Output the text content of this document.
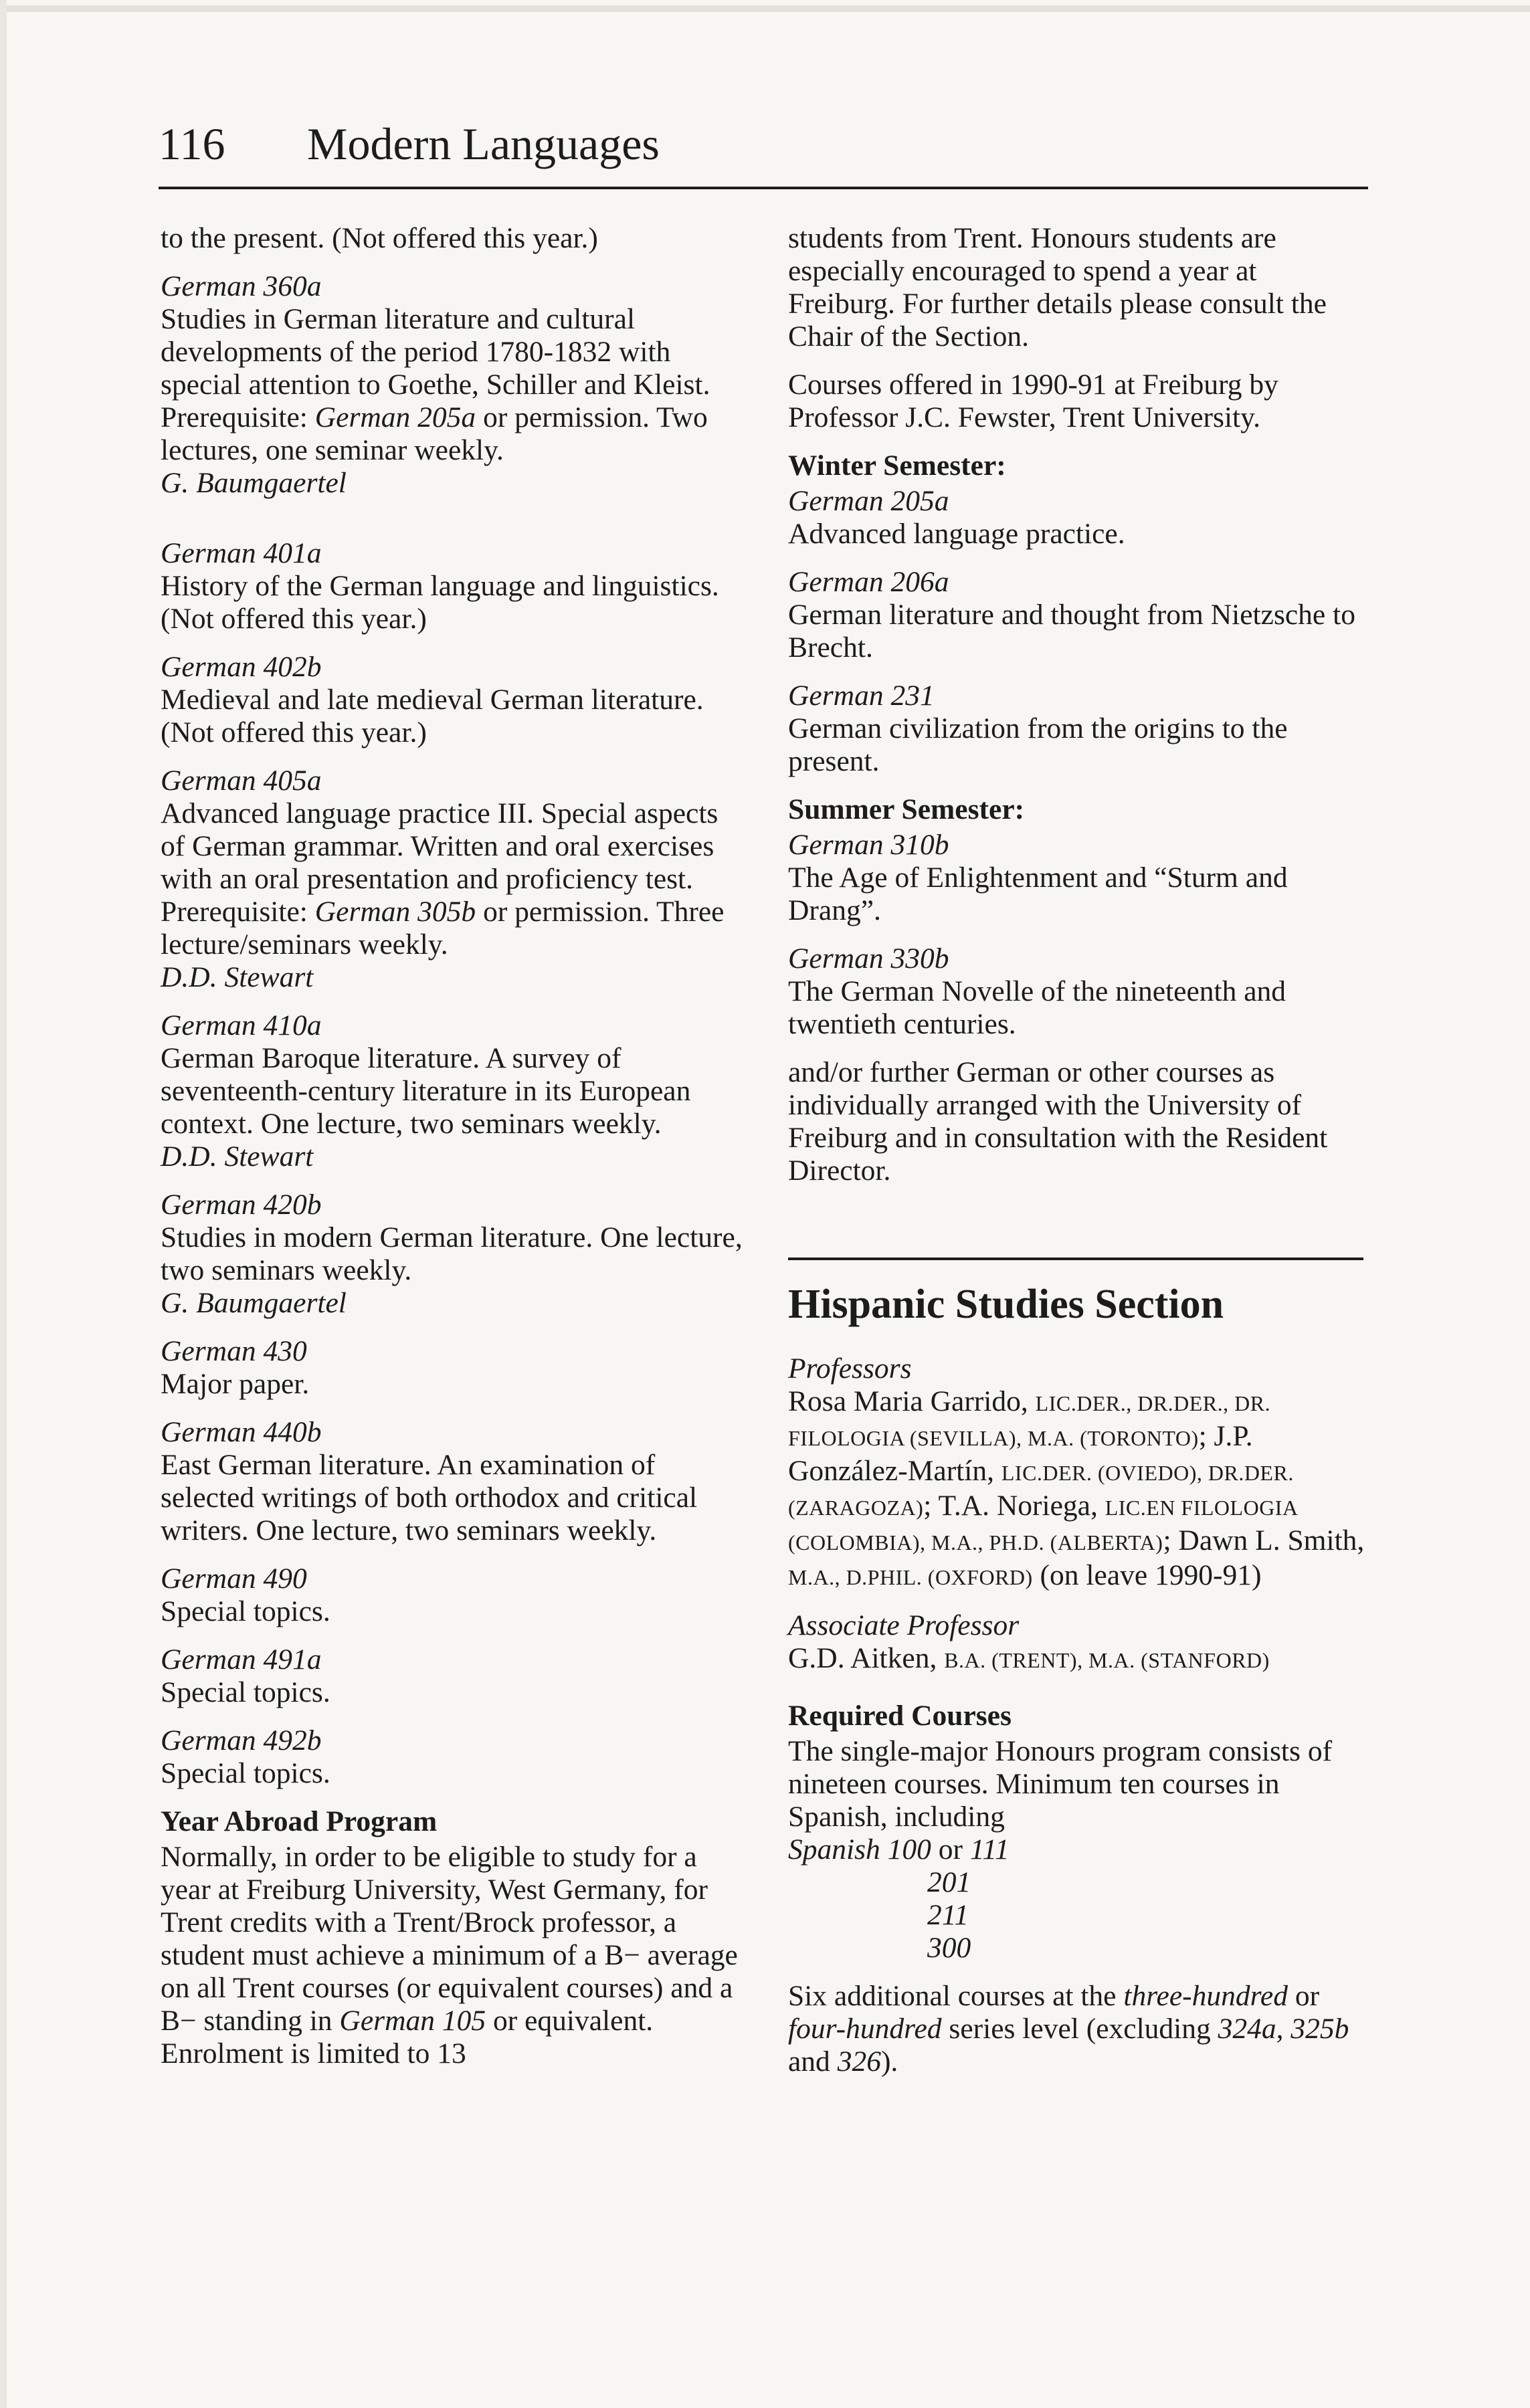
116 Modern Languages

to the present. (Not offered this year.)

German 360a
Studies in German literature and cultural developments of the period 1780-1832 with special attention to Goethe, Schiller and Kleist. Prerequisite: German 205a or permission. Two lectures, one seminar weekly.
G. Baumgaertel
German 401a
History of the German language and linguistics. (Not offered this year.)
German 402b
Medieval and late medieval German literature. (Not offered this year.)
German 405a
Advanced language practice III. Special aspects of German grammar. Written and oral exercises with an oral presentation and proficiency test. Prerequisite: German 305b or permission. Three lecture/seminars weekly.
D.D. Stewart
German 410a
German Baroque literature. A survey of seventeenth-century literature in its European context. One lecture, two seminars weekly.
D.D. Stewart
German 420b
Studies in modern German literature. One lecture, two seminars weekly.
G. Baumgaertel
German 430
Major paper.
German 440b
East German literature. An examination of selected writings of both orthodox and critical writers. One lecture, two seminars weekly.
German 490
Special topics.
German 491a
Special topics.
German 492b
Special topics.
Year Abroad Program
Normally, in order to be eligible to study for a year at Freiburg University, West Germany, for Trent credits with a Trent/Brock professor, a student must achieve a minimum of a B− average on all Trent courses (or equivalent courses) and a B− standing in German 105 or equivalent. Enrolment is limited to 13

students from Trent. Honours students are especially encouraged to spend a year at Freiburg. For further details please consult the Chair of the Section.

Courses offered in 1990-91 at Freiburg by Professor J.C. Fewster, Trent University.

Winter Semester:
German 205a
Advanced language practice.
German 206a
German literature and thought from Nietzsche to Brecht.
German 231
German civilization from the origins to the present.
Summer Semester:
German 310b
The Age of Enlightenment and “Sturm and Drang”.
German 330b
The German Novelle of the nineteenth and twentieth centuries.

and/or further German or other courses as individually arranged with the University of Freiburg and in consultation with the Resident Director.

Hispanic Studies Section
Professors
Rosa Maria Garrido, LIC.DER., DR.DER., DR. FILOLOGIA (SEVILLA), M.A. (TORONTO); J.P. González-Martín, LIC.DER. (OVIEDO), DR.DER. (ZARAGOZA); T.A. Noriega, LIC.EN FILOLOGIA (COLOMBIA), M.A., PH.D. (ALBERTA); Dawn L. Smith, M.A., D.PHIL. (OXFORD) (on leave 1990-91)
Associate Professor
G.D. Aitken, B.A. (TRENT), M.A. (STANFORD)
Required Courses
The single-major Honours program consists of nineteen courses. Minimum ten courses in Spanish, including
Spanish 100 or 111
201
211
300

Six additional courses at the three-hundred or four-hundred series level (excluding 324a, 325b and 326).
